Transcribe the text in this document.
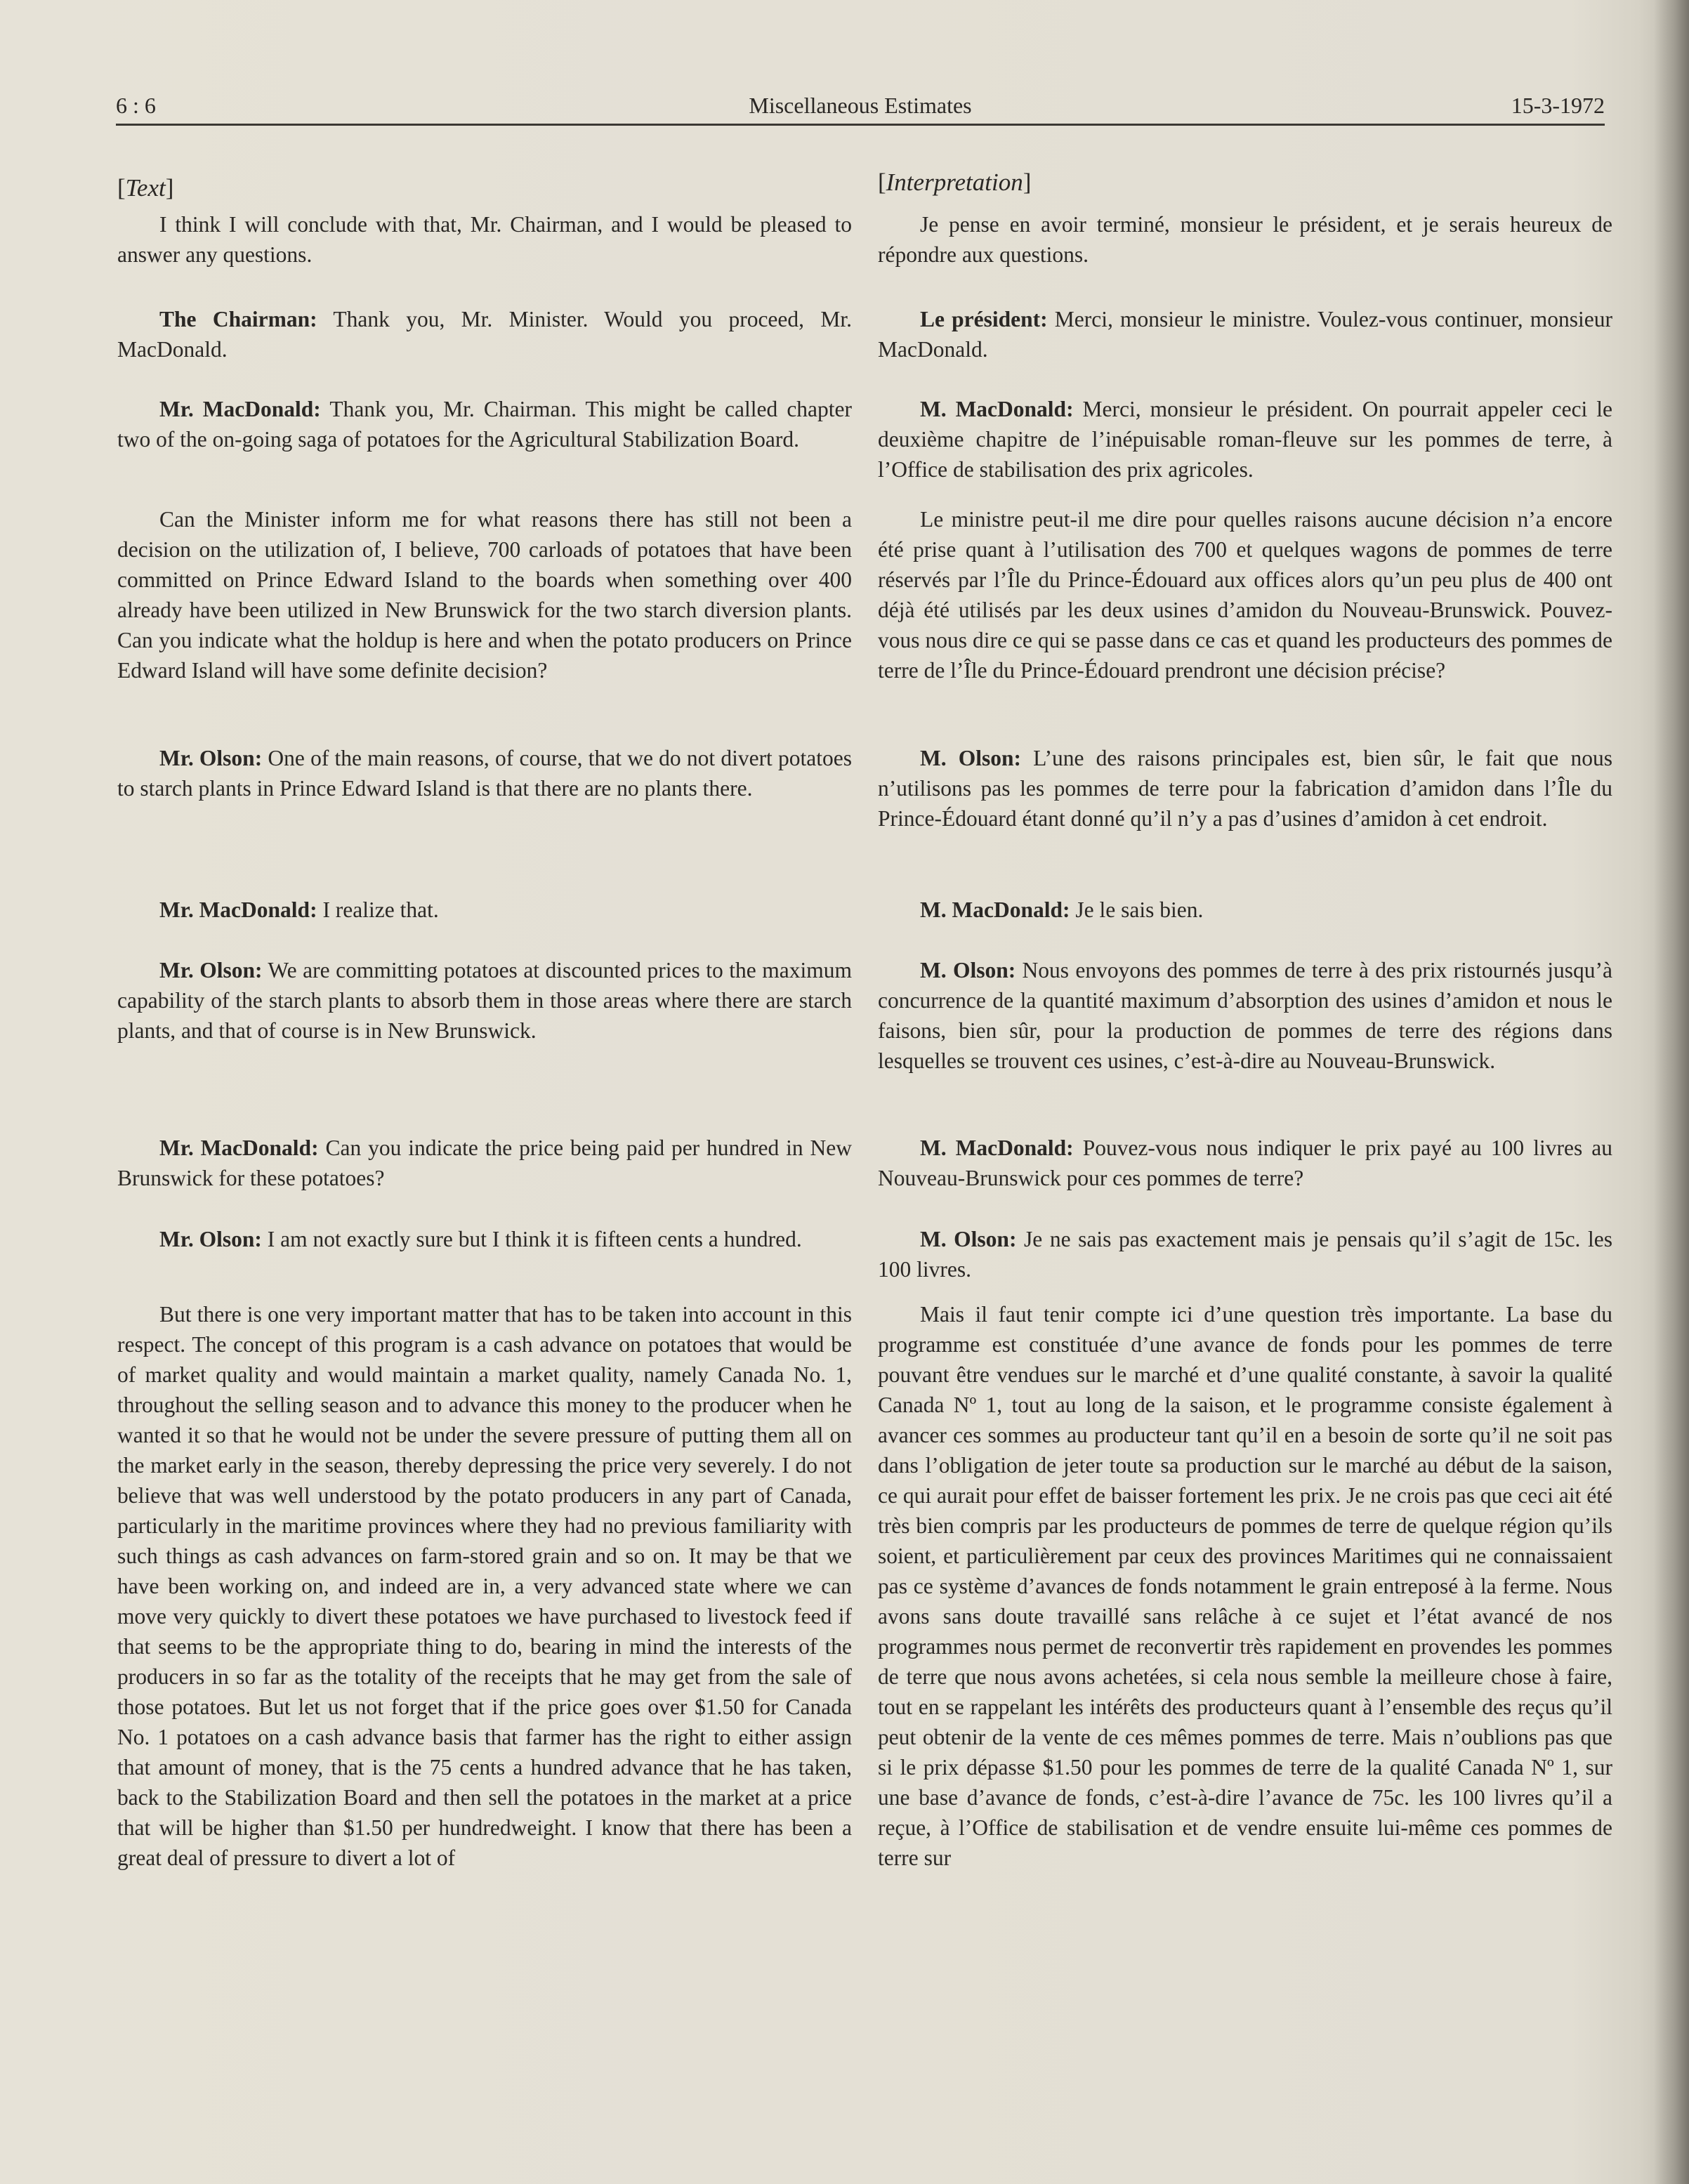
6 : 6	Miscellaneous Estimates	15-3-1972
[Text]

I think I will conclude with that, Mr. Chairman, and I would be pleased to answer any questions.

The Chairman: Thank you, Mr. Minister. Would you proceed, Mr. MacDonald.

Mr. MacDonald: Thank you, Mr. Chairman. This might be called chapter two of the on-going saga of potatoes for the Agricultural Stabilization Board.

Can the Minister inform me for what reasons there has still not been a decision on the utilization of, I believe, 700 carloads of potatoes that have been committed on Prince Edward Island to the boards when something over 400 already have been utilized in New Brunswick for the two starch diversion plants. Can you indicate what the holdup is here and when the potato producers on Prince Edward Island will have some definite decision?

Mr. Olson: One of the main reasons, of course, that we do not divert potatoes to starch plants in Prince Edward Island is that there are no plants there.

Mr. MacDonald: I realize that.

Mr. Olson: We are committing potatoes at discounted prices to the maximum capability of the starch plants to absorb them in those areas where there are starch plants, and that of course is in New Brunswick.

Mr. MacDonald: Can you indicate the price being paid per hundred in New Brunswick for these potatoes?

Mr. Olson: I am not exactly sure but I think it is fifteen cents a hundred.

But there is one very important matter that has to be taken into account in this respect. The concept of this program is a cash advance on potatoes that would be of market quality and would maintain a market quality, namely Canada No. 1, throughout the selling season and to advance this money to the producer when he wanted it so that he would not be under the severe pressure of putting them all on the market early in the season, thereby depressing the price very severely. I do not believe that was well understood by the potato producers in any part of Canada, particularly in the maritime provinces where they had no previous familiarity with such things as cash advances on farm-stored grain and so on. It may be that we have been working on, and indeed are in, a very advanced state where we can move very quickly to divert these potatoes we have purchased to livestock feed if that seems to be the appropriate thing to do, bearing in mind the interests of the producers in so far as the totality of the receipts that he may get from the sale of those potatoes. But let us not forget that if the price goes over $1.50 for Canada No. 1 potatoes on a cash advance basis that farmer has the right to either assign that amount of money, that is the 75 cents a hundred advance that he has taken, back to the Stabilization Board and then sell the potatoes in the market at a price that will be higher than $1.50 per hundredweight. I know that there has been a great deal of pressure to divert a lot of

[Interpretation]

Je pense en avoir terminé, monsieur le président, et je serais heureux de répondre aux questions.

Le président: Merci, monsieur le ministre. Voulez-vous continuer, monsieur MacDonald.

M. MacDonald: Merci, monsieur le président. On pourrait appeler ceci le deuxième chapitre de l’inépuisable roman-fleuve sur les pommes de terre, à l’Office de stabilisation des prix agricoles.

Le ministre peut-il me dire pour quelles raisons aucune décision n’a encore été prise quant à l’utilisation des 700 et quelques wagons de pommes de terre réservés par l’Île du Prince-Édouard aux offices alors qu’un peu plus de 400 ont déjà été utilisés par les deux usines d’amidon du Nouveau-Brunswick. Pouvez-vous nous dire ce qui se passe dans ce cas et quand les producteurs des pommes de terre de l’Île du Prince-Édouard prendront une décision précise?

M. Olson: L’une des raisons principales est, bien sûr, le fait que nous n’utilisons pas les pommes de terre pour la fabrication d’amidon dans l’Île du Prince-Édouard étant donné qu’il n’y a pas d’usines d’amidon à cet endroit.

M. MacDonald: Je le sais bien.

M. Olson: Nous envoyons des pommes de terre à des prix ristournés jusqu’à concurrence de la quantité maximum d’absorption des usines d’amidon et nous le faisons, bien sûr, pour la production de pommes de terre des régions dans lesquelles se trouvent ces usines, c’est-à-dire au Nouveau-Brunswick.

M. MacDonald: Pouvez-vous nous indiquer le prix payé au 100 livres au Nouveau-Brunswick pour ces pommes de terre?

M. Olson: Je ne sais pas exactement mais je pensais qu’il s’agit de 15c. les 100 livres.

Mais il faut tenir compte ici d’une question très importante. La base du programme est constituée d’une avance de fonds pour les pommes de terre pouvant être vendues sur le marché et d’une qualité constante, à savoir la qualité Canada Nº 1, tout au long de la saison, et le programme consiste également à avancer ces sommes au producteur tant qu’il en a besoin de sorte qu’il ne soit pas dans l’obligation de jeter toute sa production sur le marché au début de la saison, ce qui aurait pour effet de baisser fortement les prix. Je ne crois pas que ceci ait été très bien compris par les producteurs de pommes de terre de quelque région qu’ils soient, et particulièrement par ceux des provinces Maritimes qui ne connaissaient pas ce système d’avances de fonds notamment le grain entreposé à la ferme. Nous avons sans doute travaillé sans relâche à ce sujet et l’état avancé de nos programmes nous permet de reconvertir très rapidement en provendes les pommes de terre que nous avons achetées, si cela nous semble la meilleure chose à faire, tout en se rappelant les intérêts des producteurs quant à l’ensemble des reçus qu’il peut obtenir de la vente de ces mêmes pommes de terre. Mais n’oublions pas que si le prix dépasse $1.50 pour les pommes de terre de la qualité Canada Nº 1, sur une base d’avance de fonds, c’est-à-dire l’avance de 75c. les 100 livres qu’il a reçue, à l’Office de stabilisation et de vendre ensuite lui-même ces pommes de terre sur
